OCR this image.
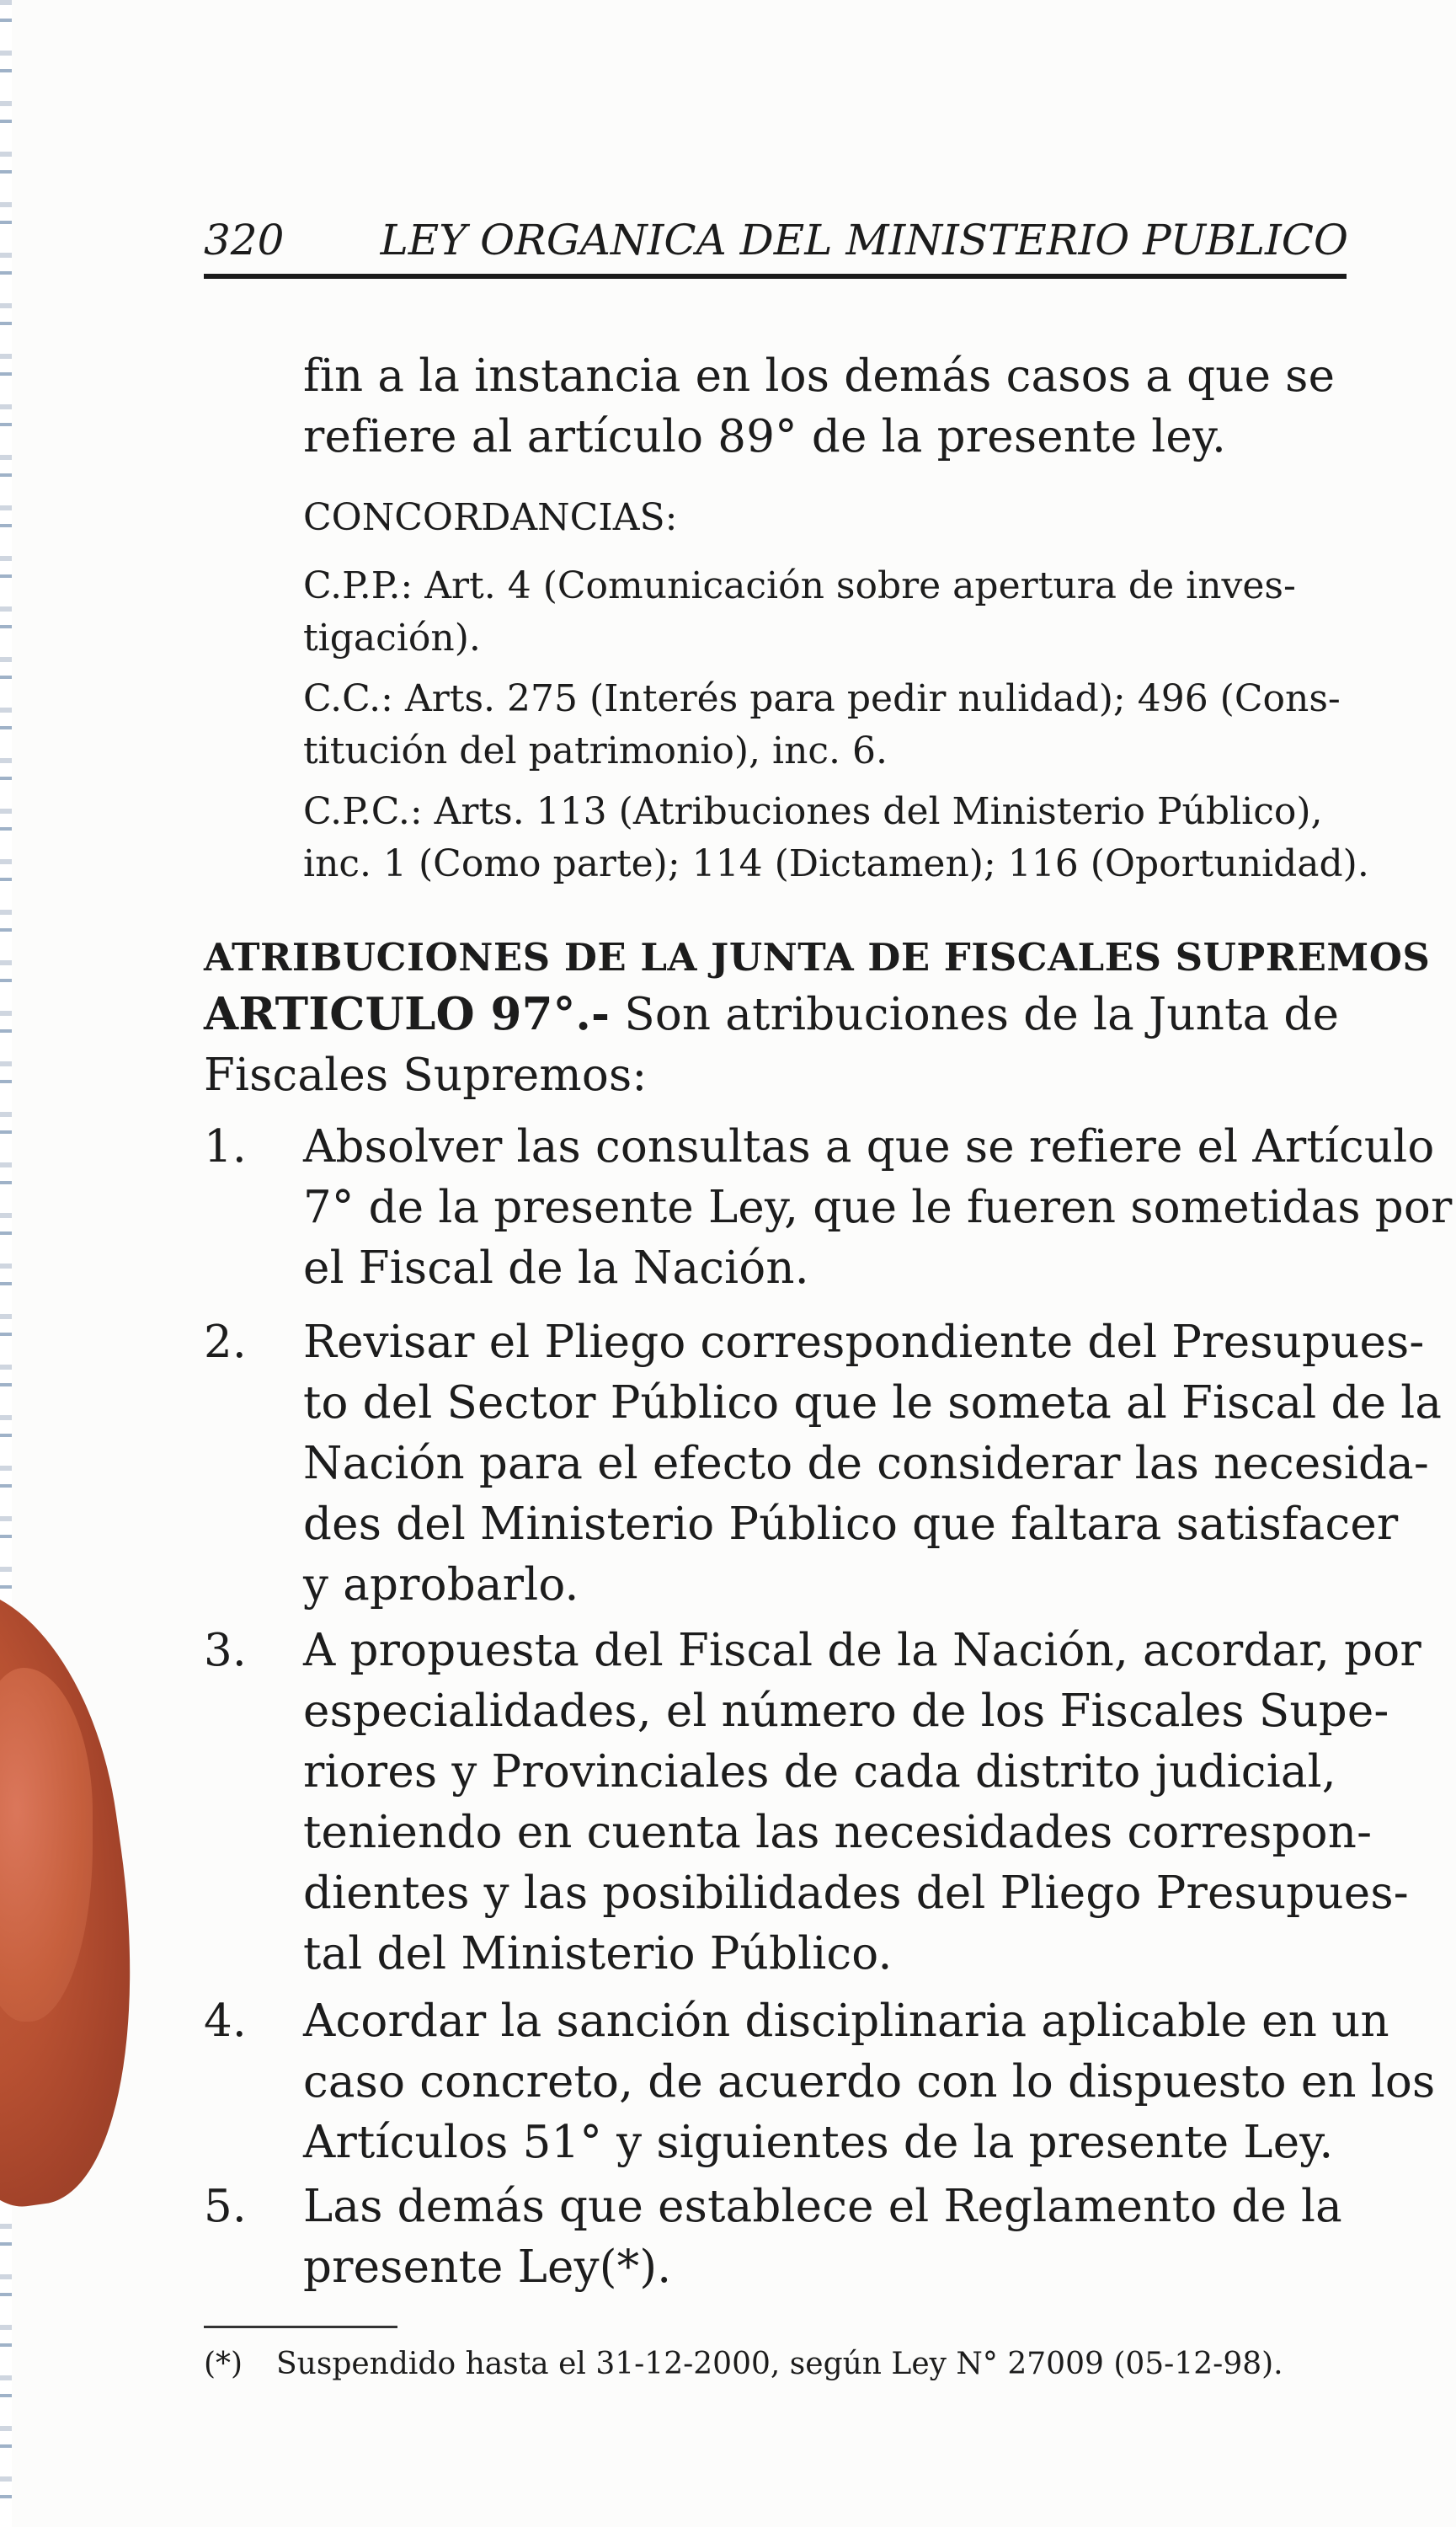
320 LEY ORGANICA DEL MINISTERIO PUBLICO
fin a la instancia en los demás casos a que se
refiere al artículo 89° de la presente ley.
CONCORDANCIAS:
C.P.P.: Art. 4 (Comunicación sobre apertura de inves-
tigación).
C.C.: Arts. 275 (Interés para pedir nulidad); 496 (Cons-
titución del patrimonio), inc. 6.
C.P.C.: Arts. 113 (Atribuciones del Ministerio Público),
inc. 1 (Como parte); 114 (Dictamen); 116 (Oportunidad).
ATRIBUCIONES DE LA JUNTA DE FISCALES SUPREMOS
ARTICULO 97°.- Son atribuciones de la Junta de
Fiscales Supremos:
1. Absolver las consultas a que se refiere el Artículo
7° de la presente Ley, que le fueren sometidas por
el Fiscal de la Nación.
2. Revisar el Pliego correspondiente del Presupues-
to del Sector Público que le someta al Fiscal de la
Nación para el efecto de considerar las necesida-
des del Ministerio Público que faltara satisfacer
y aprobarlo.
3. A propuesta del Fiscal de la Nación, acordar, por
especialidades, el número de los Fiscales Supe-
riores y Provinciales de cada distrito judicial,
teniendo en cuenta las necesidades correspon-
dientes y las posibilidades del Pliego Presupues-
tal del Ministerio Público.
4. Acordar la sanción disciplinaria aplicable en un
caso concreto, de acuerdo con lo dispuesto en los
Artículos 51° y siguientes de la presente Ley.
5. Las demás que establece el Reglamento de la
presente Ley(*).
(*) Suspendido hasta el 31-12-2000, según Ley N° 27009 (05-12-98).
